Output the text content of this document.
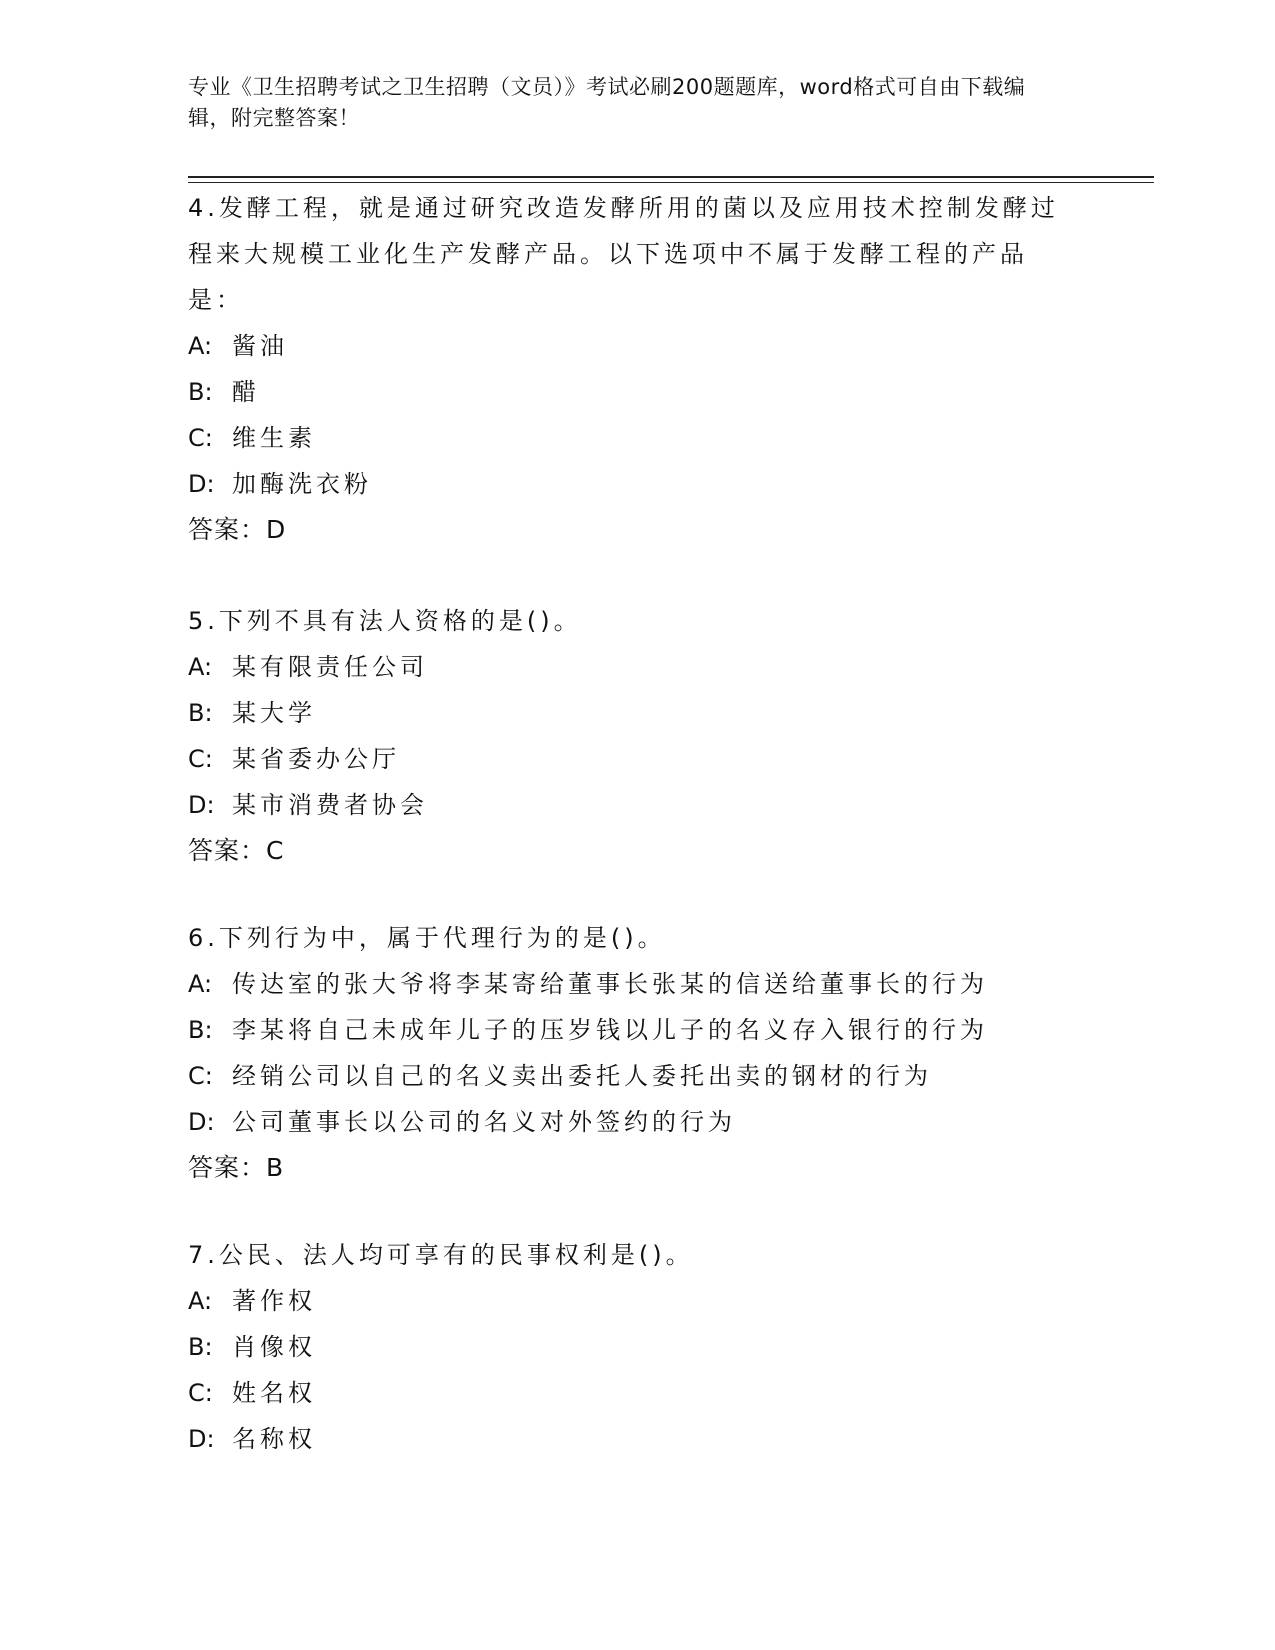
专业《卫生招聘考试之卫生招聘（文员）》考试必刷200题题库，word格式可自由下载编辑，附完整答案！

4.发酵工程，就是通过研究改造发酵所用的菌以及应用技术控制发酵过程来大规模工业化生产发酵产品。以下选项中不属于发酵工程的产品是：

A: 酱油

B: 醋

C: 维生素

D: 加酶洗衣粉

答案：D

5.下列不具有法人资格的是()。

A: 某有限责任公司

B: 某大学

C: 某省委办公厅

D: 某市消费者协会

答案：C

6.下列行为中，属于代理行为的是()。

A: 传达室的张大爷将李某寄给董事长张某的信送给董事长的行为

B: 李某将自己未成年儿子的压岁钱以儿子的名义存入银行的行为

C: 经销公司以自己的名义卖出委托人委托出卖的钢材的行为

D: 公司董事长以公司的名义对外签约的行为

答案：B

7.公民、法人均可享有的民事权利是()。

A: 著作权

B: 肖像权

C: 姓名权

D: 名称权
